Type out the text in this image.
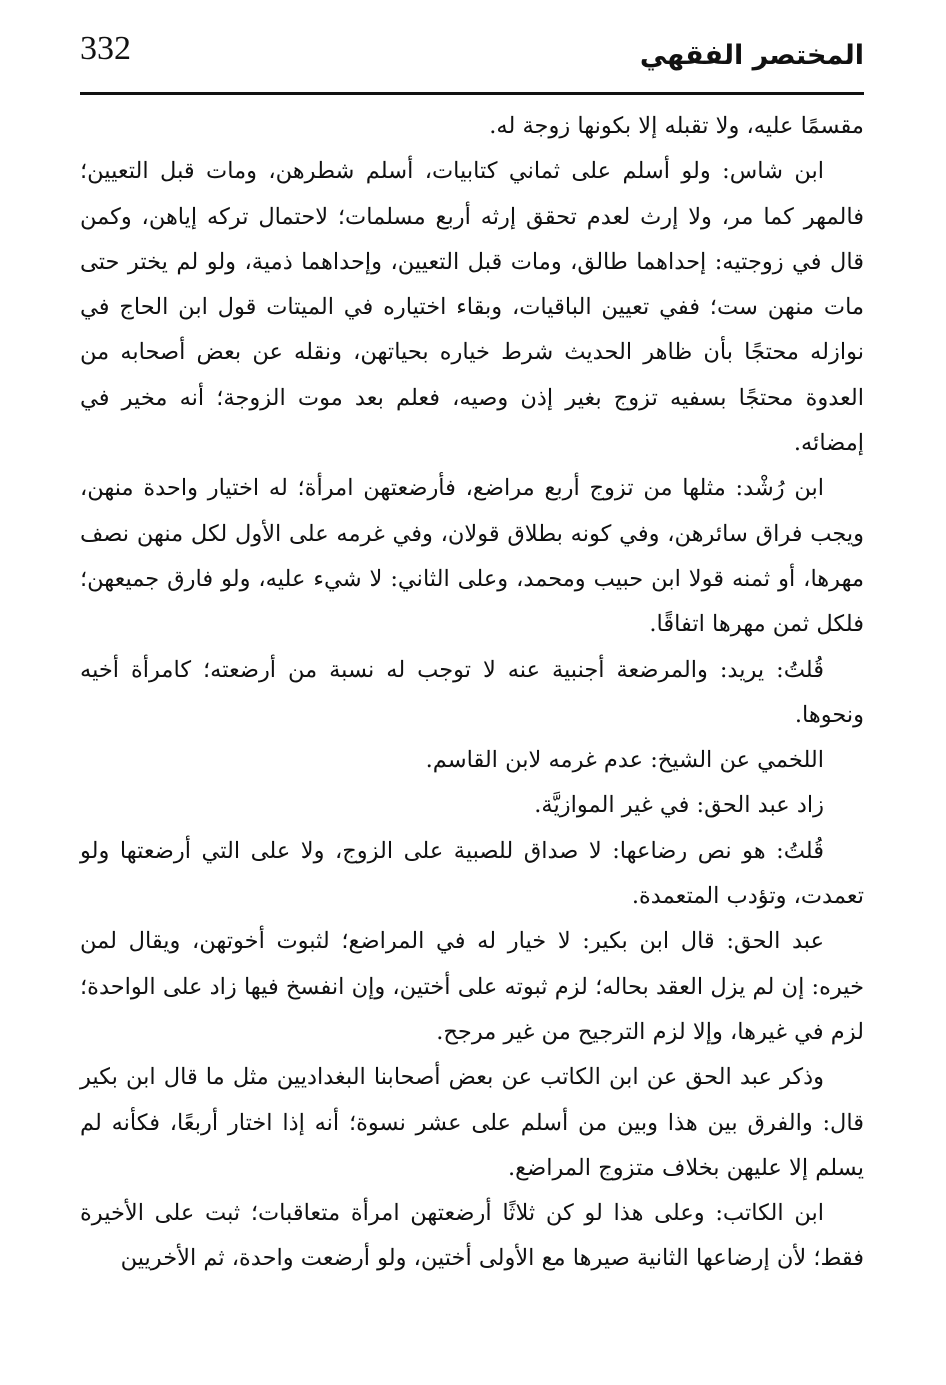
332	المختصر الفقهي

مقسمًا عليه، ولا تقبله إلا بكونها زوجة له.

ابن شاس: ولو أسلم على ثماني كتابيات، أسلم شطرهن، ومات قبل التعيين؛ فالمهر كما مر، ولا إرث لعدم تحقق إرثه أربع مسلمات؛ لاحتمال تركه إياهن، وكمن قال في زوجتيه: إحداهما طالق، ومات قبل التعيين، وإحداهما ذمية، ولو لم يختر حتى مات منهن ست؛ ففي تعيين الباقيات، وبقاء اختياره في الميتات قول ابن الحاج في نوازله محتجًا بأن ظاهر الحديث شرط خياره بحياتهن، ونقله عن بعض أصحابه من العدوة محتجًا بسفيه تزوج بغير إذن وصيه، فعلم بعد موت الزوجة؛ أنه مخير في إمضائه.

ابن رُشْد: مثلها من تزوج أربع مراضع، فأرضعتهن امرأة؛ له اختيار واحدة منهن، ويجب فراق سائرهن، وفي كونه بطلاق قولان، وفي غرمه على الأول لكل منهن نصف مهرها، أو ثمنه قولا ابن حبيب ومحمد، وعلى الثاني: لا شيء عليه، ولو فارق جميعهن؛ فلكل ثمن مهرها اتفاقًا.

قُلتُ: يريد: والمرضعة أجنبية عنه لا توجب له نسبة من أرضعته؛ كامرأة أخيه ونحوها.

اللخمي عن الشيخ: عدم غرمه لابن القاسم.

زاد عبد الحق: في غير الموازيَّة.

قُلتُ: هو نص رضاعها: لا صداق للصبية على الزوج، ولا على التي أرضعتها ولو تعمدت، وتؤدب المتعمدة.

عبد الحق: قال ابن بكير: لا خيار له في المراضع؛ لثبوت أخوتهن، ويقال لمن خيره: إن لم يزل العقد بحاله؛ لزم ثبوته على أختين، وإن انفسخ فيها زاد على الواحدة؛ لزم في غيرها، وإلا لزم الترجيح من غير مرجح.

وذكر عبد الحق عن ابن الكاتب عن بعض أصحابنا البغداديين مثل ما قال ابن بكير قال: والفرق بين هذا وبين من أسلم على عشر نسوة؛ أنه إذا اختار أربعًا، فكأنه لم يسلم إلا عليهن بخلاف متزوج المراضع.

ابن الكاتب: وعلى هذا لو كن ثلاثًا أرضعتهن امرأة متعاقبات؛ ثبت على الأخيرة فقط؛ لأن إرضاعها الثانية صيرها مع الأولى أختين، ولو أرضعت واحدة، ثم الأخريين
